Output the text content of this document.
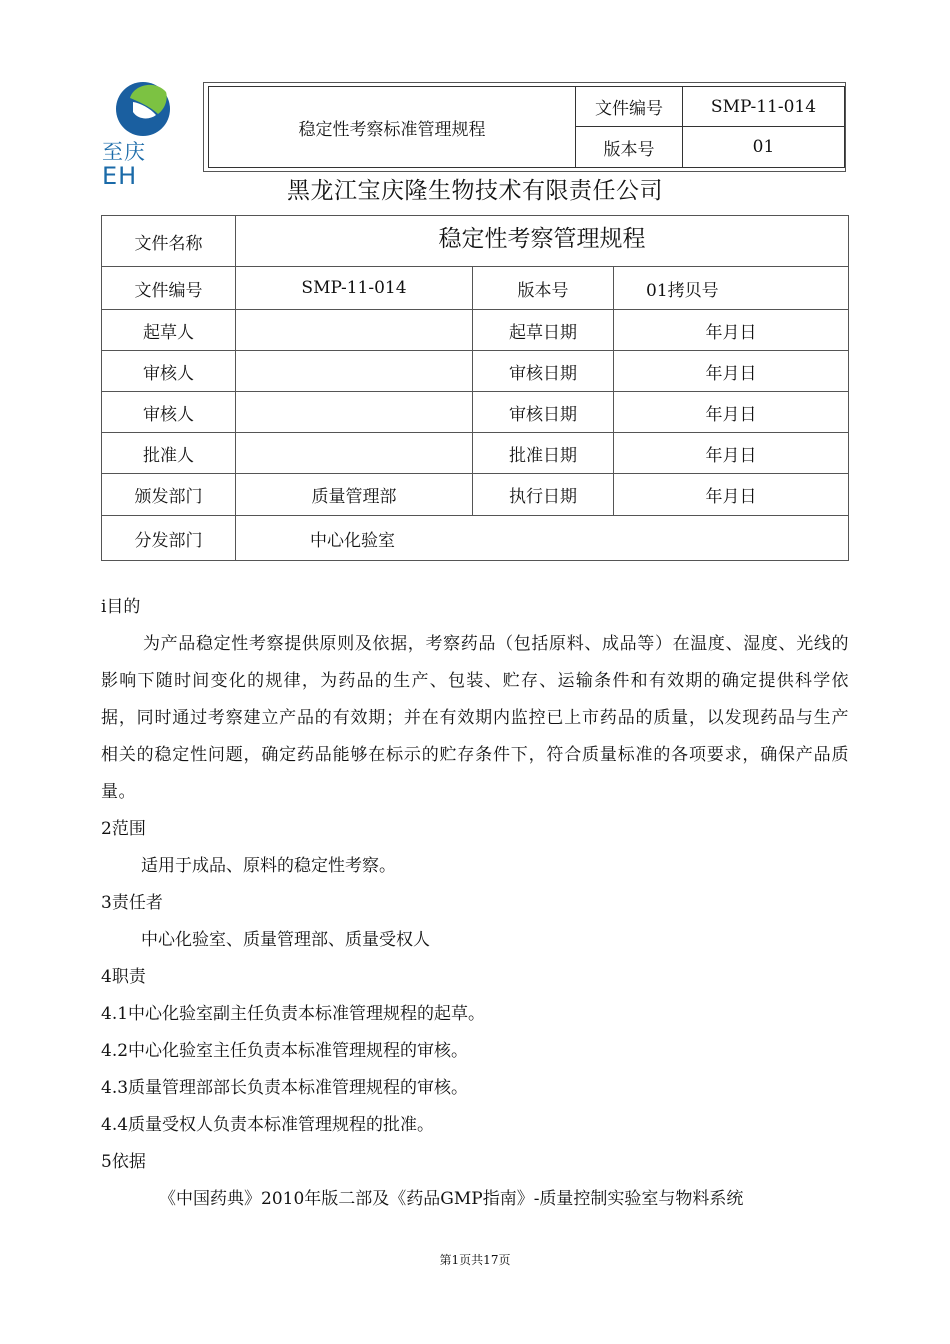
至庆
EH
稳定性考察标准管理规程	文件编号	SMP-11-014
	版本号	01
黑龙江宝庆隆生物技术有限责任公司
文件名称	稳定性考察管理规程		
文件编号	SMP-11-014	版本号	01拷贝号
起草人		起草日期	年月日
审核人		审核日期	年月日
审核人		审核日期	年月日
批准人		批准日期	年月日
颁发部门	质量管理部	执行日期	年月日
分发部门	中心化验室		
i目的
为产品稳定性考察提供原则及依据，考察药品（包括原料、成品等）在温度、湿度、光线的影响下随时间变化的规律，为药品的生产、包装、贮存、运输条件和有效期的确定提供科学依据，同时通过考察建立产品的有效期；并在有效期内监控已上市药品的质量，以发现药品与生产相关的稳定性问题，确定药品能够在标示的贮存条件下，符合质量标准的各项要求，确保产品质量。
2范围
适用于成品、原料的稳定性考察。
3责任者
中心化验室、质量管理部、质量受权人
4职责
4.1中心化验室副主任负责本标准管理规程的起草。
4.2中心化验室主任负责本标准管理规程的审核。
4.3质量管理部部长负责本标准管理规程的审核。
4.4质量受权人负责本标准管理规程的批准。
5依据
《中国药典》2010年版二部及《药品GMP指南》-质量控制实验室与物料系统
第1页共17页
